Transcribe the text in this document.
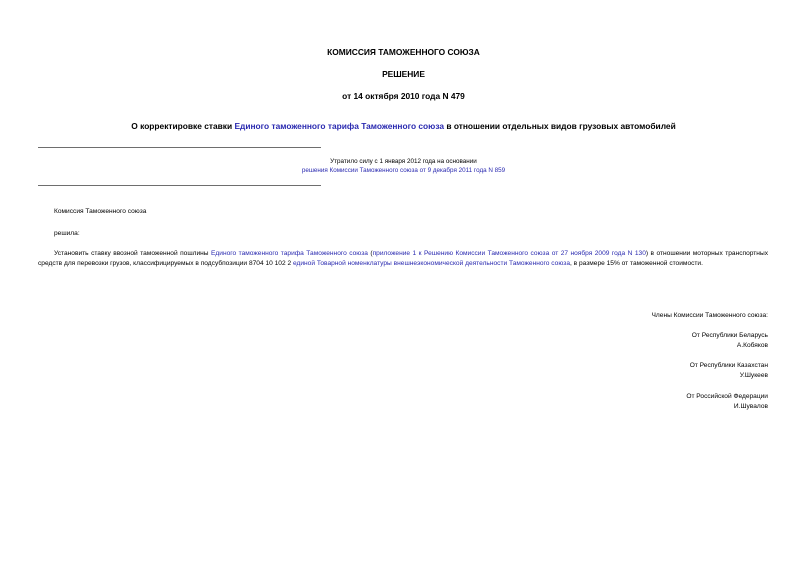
КОМИССИЯ ТАМОЖЕННОГО СОЮЗА
РЕШЕНИЕ
от 14 октября 2010 года N 479
О корректировке ставки Единого таможенного тарифа Таможенного союза в отношении отдельных видов грузовых автомобилей
Утратило силу с 1 января 2012 года на основании
решения Комиссии Таможенного союза от 9 декабря 2011 года N 859
Комиссия Таможенного союза
решила:
Установить ставку ввозной таможенной пошлины Единого таможенного тарифа Таможенного союза (приложение 1 к Решению Комиссии Таможенного союза от 27 ноября 2009 года N 130) в отношении моторных транспортных средств для перевозки грузов, классифицируемых в подсубпозиции 8704 10 102 2 единой Товарной номенклатуры внешнеэкономической деятельности Таможенного союза, в размере 15% от таможенной стоимости.
Члены Комиссии Таможенного союза:
От Республики Беларусь
А.Кобяков
От Республики Казахстан
У.Шукеев
От Российской Федерации
И.Шувалов
